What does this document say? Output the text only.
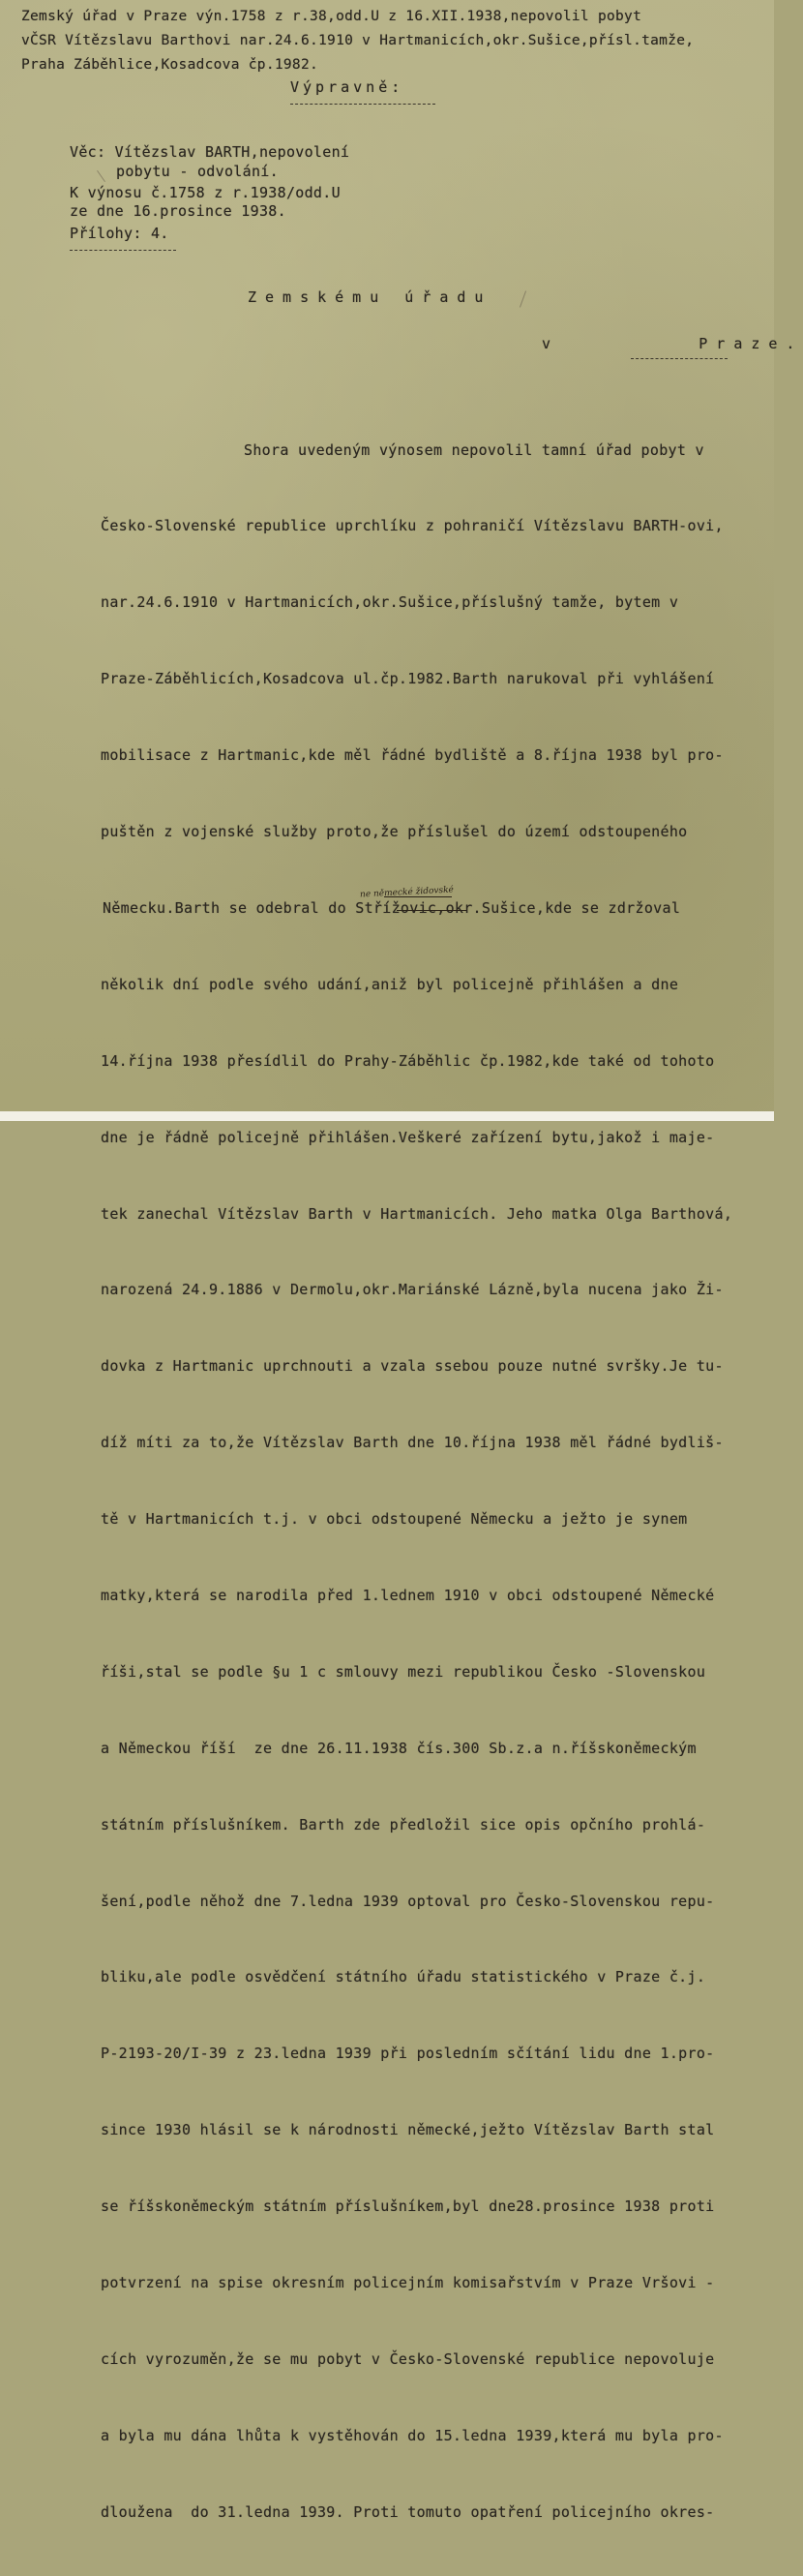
Zemský úřad v Praze výn.1758 z r.38,odd.U z 16.XII.1938,nepovolil pobyt
vČSR Vítězslavu Barthovi nar.24.6.1910 v Hartmanicích,okr.Sušice,přísl.tamže,
Praha Záběhlice,Kosadcova čp.1982.
Výpravně:
Věc: Vítězslav BARTH,nepovolení
pobytu - odvolání.
K výnosu č.1758 z r.1938/odd.U
ze dne 16.prosince 1938.
Přílohy: 4.
Zemskému úřadu
v        Praze.

Shora uvedeným výnosem nepovolil tamní úřad pobyt v

Česko-Slovenské republice uprchlíku z pohraničí Vítězslavu BARTH-ovi,

nar.24.6.1910 v Hartmanicích,okr.Sušice,příslušný tamže, bytem v

Praze-Záběhlicích,Kosadcova ul.čp.1982.Barth narukoval při vyhlášení

mobilisace z Hartmanic,kde měl řádné bydliště a 8.října 1938 byl pro-

puštěn z vojenské služby proto,že příslušel do území odstoupeného

Německu.Barth se odebral do Střížovic,okr.Sušice,kde se zdržoval

několik dní podle svého udání,aniž byl policejně přihlášen a dne

14.října 1938 přesídlil do Prahy-Záběhlic čp.1982,kde také od tohoto

dne je řádně policejně přihlášen.Veškeré zařízení bytu,jakož i maje-

tek zanechal Vítězslav Barth v Hartmanicích. Jeho matka Olga Barthová,

narozená 24.9.1886 v Dermolu,okr.Mariánské Lázně,byla nucena jako Ži-

dovka z Hartmanic uprchnouti a vzala ssebou pouze nutné svršky.Je tu-

díž míti za to,že Vítězslav Barth dne 10.října 1938 měl řádné bydliš-

tě v Hartmanicích t.j. v obci odstoupené Německu a ježto je synem

matky,která se narodila před 1.lednem 1910 v obci odstoupené Německé

říši,stal se podle §u 1 c smlouvy mezi republikou Česko -Slovenskou

a Německou říší  ze dne 26.11.1938 čís.300 Sb.z.a n.říšskoněmeckým

státním příslušníkem. Barth zde předložil sice opis opčního prohlá-

šení,podle něhož dne 7.ledna 1939 optoval pro Česko-Slovenskou repu-

bliku,ale podle osvědčení státního úřadu statistického v Praze č.j.

P-2193-20/I-39 z 23.ledna 1939 při posledním sčítání lidu dne 1.pro-

since 1930 hlásil se k národnosti německé,ježto Vítězslav Barth stal

se říšskoněmeckým státním příslušníkem,byl dne28.prosince 1938 proti

potvrzení na spise okresním policejním komisařstvím v Praze Vršovi -

cích vyrozuměn,že se mu pobyt v Česko-Slovenské republice nepovoluje

a byla mu dána lhůta k vystěhován do 15.ledna 1939,která mu byla pro-

dloužena  do 31.ledna 1939. Proti tomuto opatření policejního okres-

ne německé židovské
